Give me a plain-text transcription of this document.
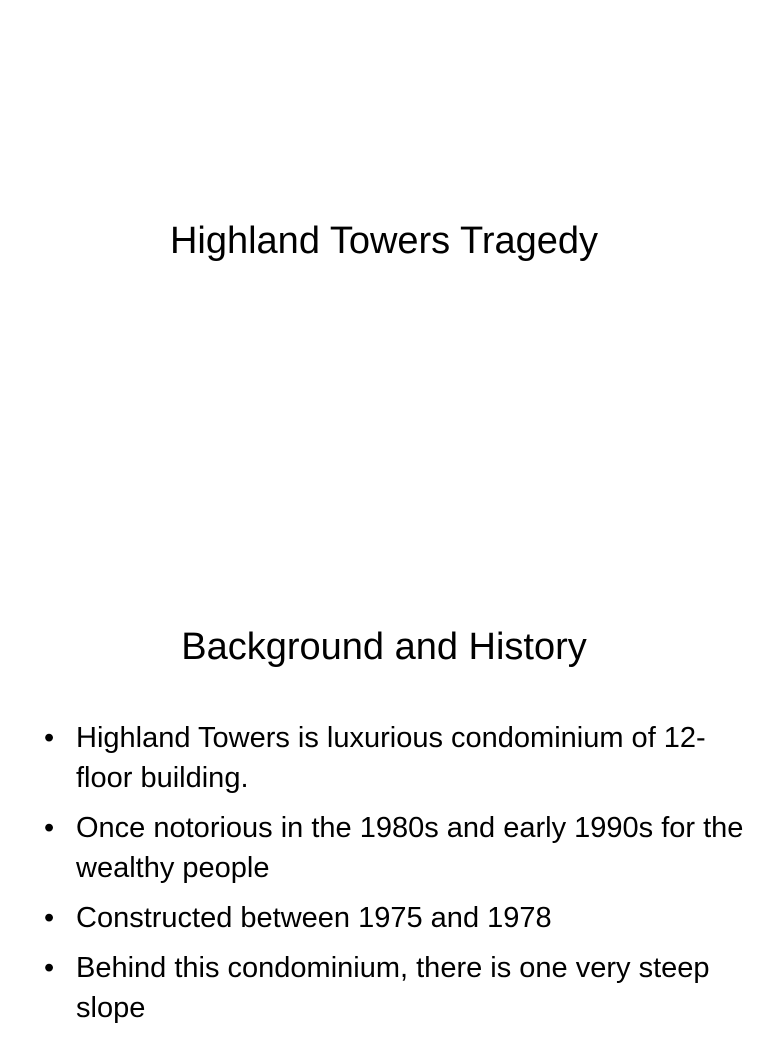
Highland Towers Tragedy
Background and History
• Highland Towers is luxurious condominium of 12-floor building.
• Once notorious in the 1980s and early 1990s for the wealthy people
• Constructed between 1975 and 1978
• Behind this condominium, there is one very steep slope
